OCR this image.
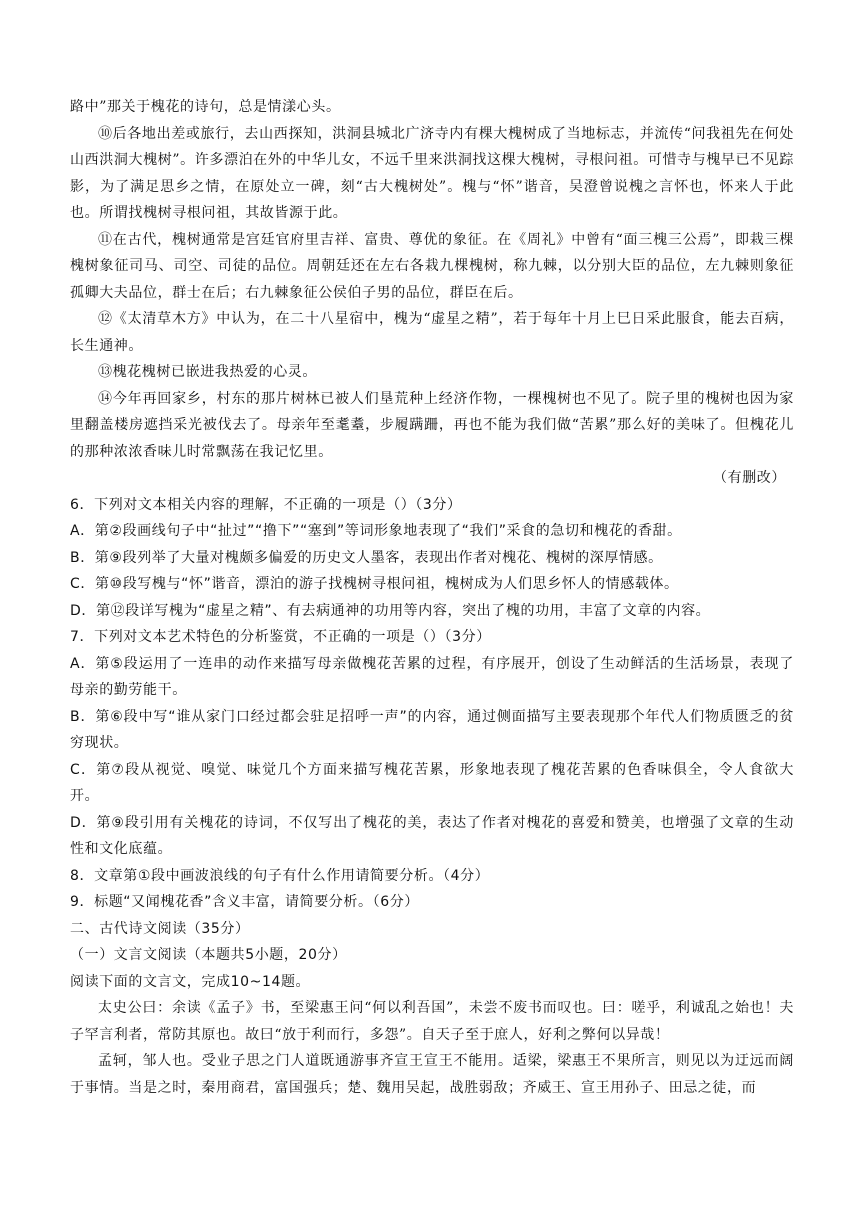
路中”那关于槐花的诗句，总是情漾心头。

⑩后各地出差或旅行，去山西探知，洪洞县城北广济寺内有棵大槐树成了当地标志，并流传“问我祖先在何处山西洪洞大槐树”。许多漂泊在外的中华儿女，不远千里来洪洞找这棵大槐树，寻根问祖。可惜寺与槐早已不见踪影，为了满足思乡之情，在原处立一碑，刻“古大槐树处”。槐与“怀”谐音，吴澄曾说槐之言怀也，怀来人于此也。所谓找槐树寻根问祖，其故皆源于此。

⑪在古代，槐树通常是宫廷官府里吉祥、富贵、尊优的象征。在《周礼》中曾有“面三槐三公焉”，即栽三棵槐树象征司马、司空、司徒的品位。周朝廷还在左右各栽九棵槐树，称九棘，以分别大臣的品位，左九棘则象征孤卿大夫品位，群士在后；右九棘象征公侯伯子男的品位，群臣在后。

⑫《太清草木方》中认为，在二十八星宿中，槐为“虚星之精”，若于每年十月上巳日采此服食，能去百病，长生通神。

⑬槐花槐树已嵌进我热爱的心灵。

⑭今年再回家乡，村东的那片树林已被人们垦荒种上经济作物，一棵槐树也不见了。院子里的槐树也因为家里翻盖楼房遮挡采光被伐去了。母亲年至耄耋，步履蹒跚，再也不能为我们做“苦累”那么好的美味了。但槐花儿的那种浓浓香味儿时常飘荡在我记忆里。

（有删改）

6．下列对文本相关内容的理解，不正确的一项是（）（3分）

A．第②段画线句子中“扯过”“撸下”“塞到”等词形象地表现了“我们”采食的急切和槐花的香甜。

B．第⑨段列举了大量对槐颇多偏爱的历史文人墨客，表现出作者对槐花、槐树的深厚情感。

C．第⑩段写槐与“怀”谐音，漂泊的游子找槐树寻根问祖，槐树成为人们思乡怀人的情感载体。

D．第⑫段详写槐为“虚星之精”、有去病通神的功用等内容，突出了槐的功用，丰富了文章的内容。

7．下列对文本艺术特色的分析鉴赏，不正确的一项是（）（3分）

A．第⑤段运用了一连串的动作来描写母亲做槐花苦累的过程，有序展开，创设了生动鲜活的生活场景，表现了母亲的勤劳能干。

B．第⑥段中写“谁从家门口经过都会驻足招呼一声”的内容，通过侧面描写主要表现那个年代人们物质匮乏的贫穷现状。

C．第⑦段从视觉、嗅觉、味觉几个方面来描写槐花苦累，形象地表现了槐花苦累的色香味俱全，令人食欲大开。

D．第⑨段引用有关槐花的诗词，不仅写出了槐花的美，表达了作者对槐花的喜爱和赞美，也增强了文章的生动性和文化底蕴。

8．文章第①段中画波浪线的句子有什么作用请简要分析。（4分）

9．标题“又闻槐花香”含义丰富，请简要分析。（6分）

二、古代诗文阅读（35分）

（一）文言文阅读（本题共5小题，20分）

阅读下面的文言文，完成10~14题。

太史公曰：余读《孟子》书，至梁惠王问“何以利吾国”，未尝不废书而叹也。曰：嗟乎，利诚乱之始也！夫子罕言利者，常防其原也。故曰“放于利而行，多怨”。自天子至于庶人，好利之弊何以异哉！

孟轲，邹人也。受业子思之门人道既通游事齐宣王宣王不能用。适梁，梁惠王不果所言，则见以为迂远而阔于事情。当是之时，秦用商君，富国强兵；楚、魏用吴起，战胜弱敌；齐威王、宣王用孙子、田忌之徒，而
